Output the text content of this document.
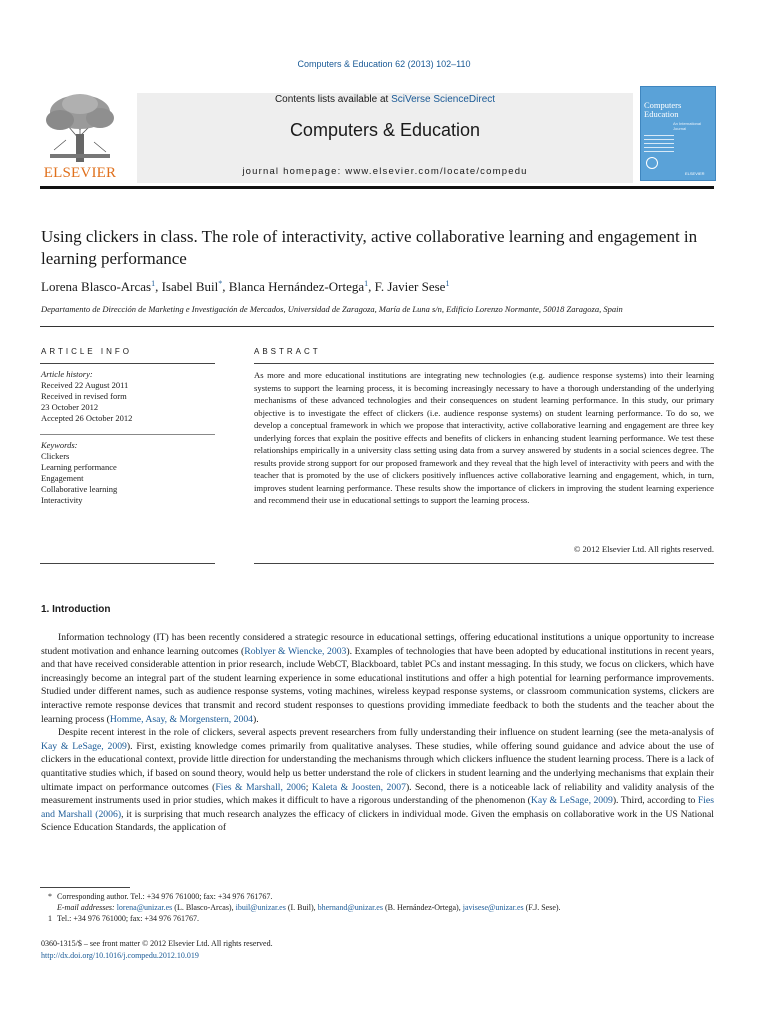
Computers & Education 62 (2013) 102–110
ELSEVIER
Contents lists available at SciVerse ScienceDirect
Computers & Education
journal homepage: www.elsevier.com/locate/compedu
Computers
Education
An International Journal
ELSEVIER
Using clickers in class. The role of interactivity, active collaborative learning and engagement in learning performance
Lorena Blasco-Arcas$^1$, Isabel Buil*, Blanca Hernández-Ortega$^1$, F. Javier Sese$^1$
Departamento de Dirección de Marketing e Investigación de Mercados, Universidad de Zaragoza, María de Luna s/n, Edificio Lorenzo Normante, 50018 Zaragoza, Spain
ARTICLE INFO
Article history:
Received 22 August 2011
Received in revised form
23 October 2012
Accepted 26 October 2012
Keywords:
Clickers
Learning performance
Engagement
Collaborative learning
Interactivity
ABSTRACT
As more and more educational institutions are integrating new technologies (e.g. audience response systems) into their learning systems to support the learning process, it is becoming increasingly necessary to have a thorough understanding of the underlying mechanisms of these advanced technologies and their consequences on student learning performance. In this study, our primary objective is to investigate the effect of clickers (i.e. audience response systems) on student learning performance. To do so, we develop a conceptual framework in which we propose that interactivity, active collaborative learning and engagement are three key underlying forces that explain the positive effects and benefits of clickers in enhancing student learning performance. We test these relationships empirically in a university class setting using data from a survey answered by students in a social sciences degree. The results provide strong support for our proposed framework and they reveal that the high level of interactivity with peers and with the teacher that is promoted by the use of clickers positively influences active collaborative learning and engagement, which, in turn, improves student learning performance. These results show the importance of clickers in improving the student learning experience and recommend their use in educational settings to support the learning process.
© 2012 Elsevier Ltd. All rights reserved.
1. Introduction

Information technology (IT) has been recently considered a strategic resource in educational settings, offering educational institutions a unique opportunity to increase student motivation and enhance learning outcomes (Roblyer & Wiencke, 2003). Examples of technologies that have been adopted by educational institutions in recent years, and that have received considerable attention in prior research, include WebCT, Blackboard, tablet PCs and instant messaging. In this study, we focus on clickers, which have increasingly become an integral part of the student learning experience in some educational institutions and offer a high potential for learning performance improvements. Studied under different names, such as audience response systems, voting machines, wireless keypad response systems, or classroom communication systems, clickers are interactive remote response devices that transmit and record student responses to questions providing immediate feedback to both the students and the teacher about the learning process (Homme, Asay, & Morgenstern, 2004).

Despite recent interest in the role of clickers, several aspects prevent researchers from fully understanding their influence on student learning (see the meta-analysis of Kay & LeSage, 2009). First, existing knowledge comes primarily from qualitative analyses. These studies, while offering sound guidance and advice about the use of clickers in the educational context, provide little direction for understanding the mechanisms through which clickers influence the student learning process. There is a lack of quantitative studies which, if based on sound theory, would help us better understand the role of clickers in student learning and the underlying mechanisms that explain their ultimate impact on performance outcomes (Fies & Marshall, 2006; Kaleta & Joosten, 2007). Second, there is a noticeable lack of reliability and validity analysis of the measurement instruments used in prior studies, which makes it difficult to have a rigorous understanding of the phenomenon (Kay & LeSage, 2009). Third, according to Fies and Marshall (2006), it is surprising that much research analyzes the efficacy of clickers in individual mode. Given the emphasis on collaborative work in the US National Science Education Standards, the application of

* Corresponding author. Tel.: +34 976 761000; fax: +34 976 761767.
E-mail addresses: lorena@unizar.es (L. Blasco-Arcas), ibuil@unizar.es (I. Buil), bhernand@unizar.es (B. Hernández-Ortega), javisese@unizar.es (F.J. Sese).
1 Tel.: +34 976 761000; fax: +34 976 761767.
0360-1315/$ – see front matter © 2012 Elsevier Ltd. All rights reserved.
http://dx.doi.org/10.1016/j.compedu.2012.10.019
